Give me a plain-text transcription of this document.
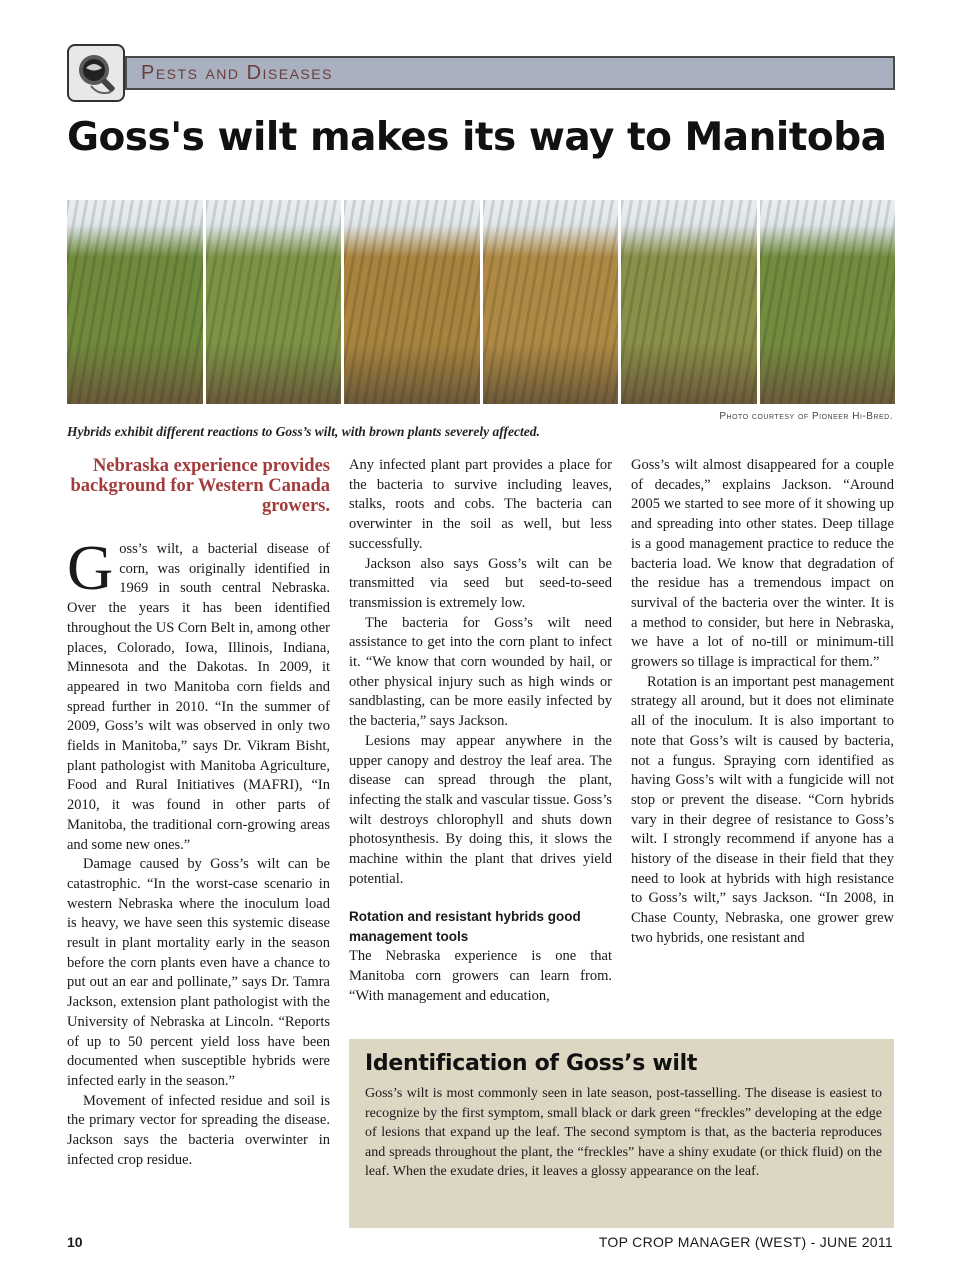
Pests and Diseases
Goss's wilt makes its way to Manitoba
Photo courtesy of Pioneer Hi-Bred.
Hybrids exhibit different reactions to Goss’s wilt, with brown plants severely affected.
Nebraska experience provides background for Western Canada growers.

Goss’s wilt, a bacterial disease of corn, was originally identified in 1969 in south central Nebraska. Over the years it has been identified throughout the US Corn Belt in, among other places, Colorado, Iowa, Illinois, Indiana, Minnesota and the Dakotas. In 2009, it appeared in two Manitoba corn fields and spread further in 2010. “In the summer of 2009, Goss’s wilt was observed in only two fields in Manitoba,” says Dr. Vikram Bisht, plant pathologist with Manitoba Agriculture, Food and Rural Initiatives (MAFRI), “In 2010, it was found in other parts of Manitoba, the traditional corn-growing areas and some new ones.”

Damage caused by Goss’s wilt can be catastrophic. “In the worst-case scenario in western Nebraska where the inoculum load is heavy, we have seen this systemic disease result in plant mortality early in the season before the corn plants even have a chance to put out an ear and pollinate,” says Dr. Tamra Jackson, extension plant pathologist with the University of Nebraska at Lincoln. “Reports of up to 50 percent yield loss have been documented when susceptible hybrids were infected early in the season.”

Movement of infected residue and soil is the primary vector for spreading the disease. Jackson says the bacteria overwinter in infected crop residue.

Any infected plant part provides a place for the bacteria to survive including leaves, stalks, roots and cobs. The bacteria can overwinter in the soil as well, but less successfully.

Jackson also says Goss’s wilt can be transmitted via seed but seed-to-seed transmission is extremely low.

The bacteria for Goss’s wilt need assistance to get into the corn plant to infect it. “We know that corn wounded by hail, or other physical injury such as high winds or sandblasting, can be more easily infected by the bacteria,” says Jackson.

Lesions may appear anywhere in the upper canopy and destroy the leaf area. The disease can spread through the plant, infecting the stalk and vascular tissue. Goss’s wilt destroys chlorophyll and shuts down photosynthesis. By doing this, it slows the machine within the plant that drives yield potential.

Rotation and resistant hybrids good management tools

The Nebraska experience is one that Manitoba corn growers can learn from. “With management and education,

Goss’s wilt almost disappeared for a couple of decades,” explains Jackson. “Around 2005 we started to see more of it showing up and spreading into other states. Deep tillage is a good management practice to reduce the bacteria load. We know that degradation of the residue has a tremendous impact on survival of the bacteria over the winter. It is a method to consider, but here in Nebraska, we have a lot of no-till or minimum-till growers so tillage is impractical for them.”

Rotation is an important pest management strategy all around, but it does not eliminate all of the inoculum. It is also important to note that Goss’s wilt is caused by bacteria, not a fungus. Spraying corn identified as having Goss’s wilt with a fungicide will not stop or prevent the disease. “Corn hybrids vary in their degree of resistance to Goss’s wilt. I strongly recommend if anyone has a history of the disease in their field that they need to look at hybrids with high resistance to Goss’s wilt,” says Jackson. “In 2008, in Chase County, Nebraska, one grower grew two hybrids, one resistant and

Identification of Goss’s wilt

Goss’s wilt is most commonly seen in late season, post-tasselling. The disease is easiest to recognize by the first symptom, small black or dark green “freckles” developing at the edge of lesions that expand up the leaf. The second symptom is that, as the bacteria reproduces and spreads throughout the plant, the “freckles” have a shiny exudate (or thick fluid) on the leaf. When the exudate dries, it leaves a glossy appearance on the leaf.

10	TOP CROP MANAGER (WEST) - JUNE 2011
